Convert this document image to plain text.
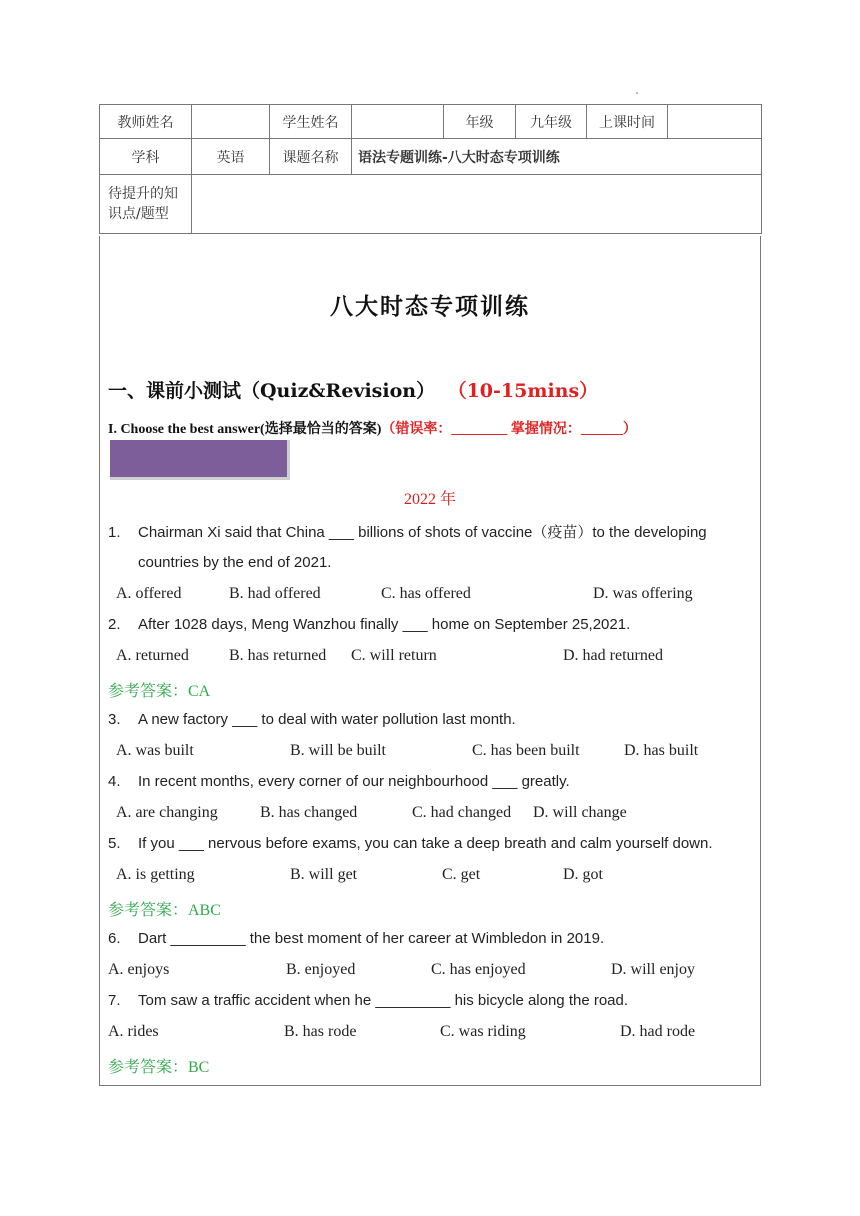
教师姓名		学生姓名		年级	九年级	上课时间	
学科	英语	课题名称	语法专题训练-八大时态专项训练				

待提升的知
识点/题型							

八大时态专项训练
一、课前小测试（Quiz&Revision） （10-15mins）
I. Choose the best answer(选择最恰当的答案)（错误率：________ 掌握情况：______）
2022 年
1. Chairman Xi said that China ___ billions of shots of vaccine（疫苗）to the developing
countries by the end of 2021.
A. offered	B. had offered	C. has offered	D. was offering
2. After 1028 days, Meng Wanzhou finally ___ home on September 25,2021.
A. returned	B. has returned C. will return	D. had returned
参考答案：CA
3. A new factory ___ to deal with water pollution last month.
A. was built	B. will be built	C. has been built	D. has built
4. In recent months, every corner of our neighbourhood ___ greatly.
A. are changing	B. has changed	C. had changed D. will change
5. If you ___ nervous before exams, you can take a deep breath and calm yourself down.
A. is getting	B. will get	C. get	D. got
参考答案：ABC
6. Dart _________ the best moment of her career at Wimbledon in 2019.
A. enjoys	B. enjoyed	C. has enjoyed	D. will enjoy
7. Tom saw a traffic accident when he _________ his bicycle along the road.
A. rides	B. has rode	C. was riding	D. had rode
参考答案：BC
